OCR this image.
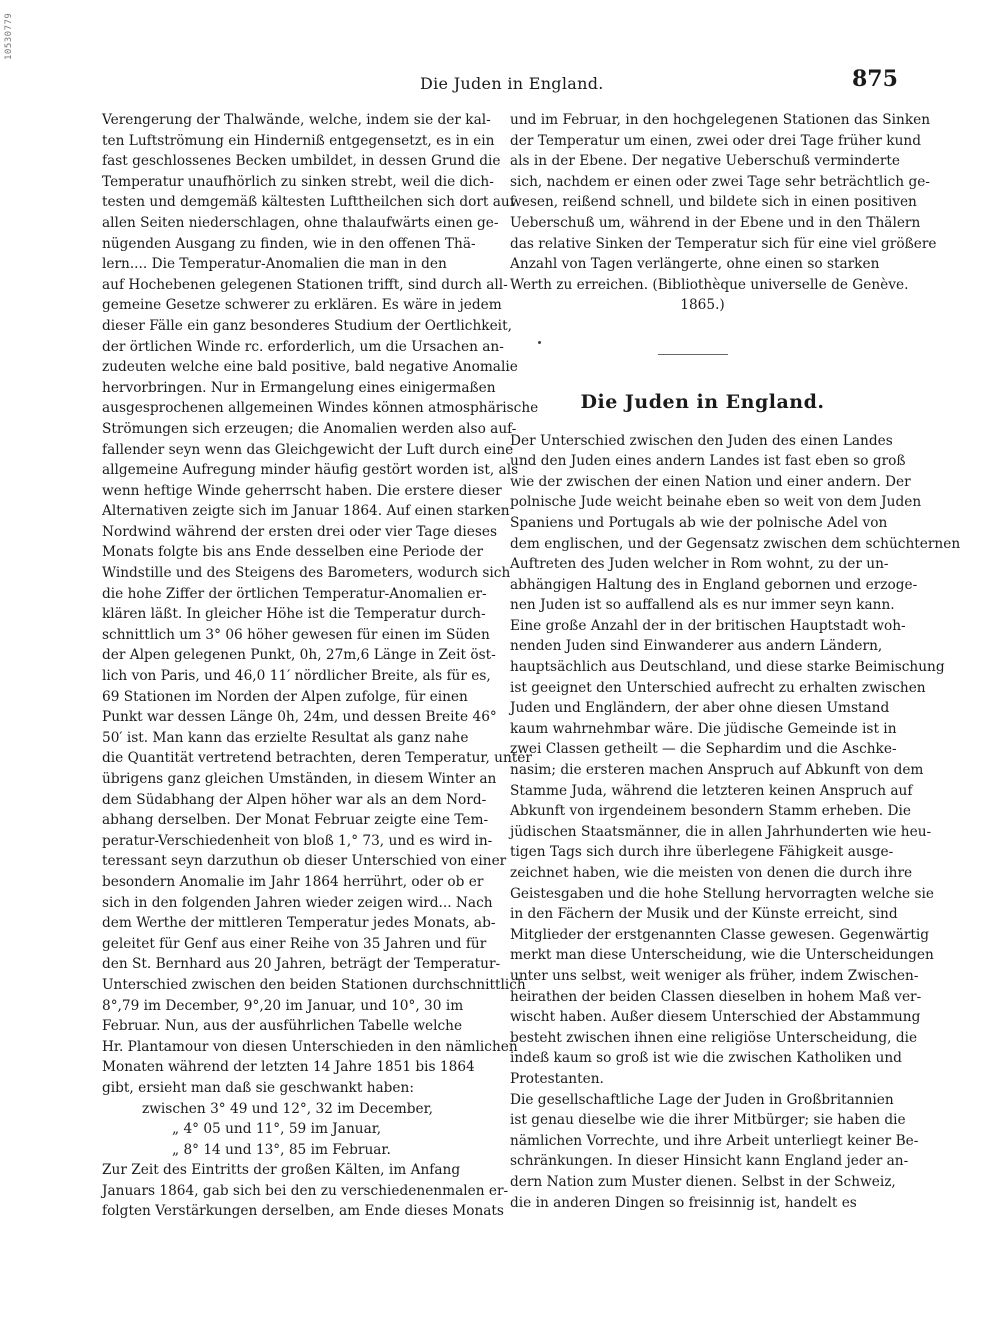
10530779
Die Juden in England.	875
Verengerung der Thalwände, welche, indem sie der kal-
ten Luftströmung ein Hinderniß entgegensetzt, es in ein
fast geschlossenes Becken umbildet, in dessen Grund die
Temperatur unaufhörlich zu sinken strebt, weil die dich-
testen und demgemäß kältesten Lufttheilchen sich dort auf
allen Seiten niederschlagen, ohne thalaufwärts einen ge-
nügenden Ausgang zu finden, wie in den offenen Thä-
lern.... Die Temperatur-Anomalien die man in den
auf Hochebenen gelegenen Stationen trifft, sind durch all-
gemeine Gesetze schwerer zu erklären. Es wäre in jedem
dieser Fälle ein ganz besonderes Studium der Oertlichkeit,
der örtlichen Winde rc. erforderlich, um die Ursachen an-
zudeuten welche eine bald positive, bald negative Anomalie
hervorbringen. Nur in Ermangelung eines einigermaßen
ausgesprochenen allgemeinen Windes können atmosphärische
Strömungen sich erzeugen; die Anomalien werden also auf-
fallender seyn wenn das Gleichgewicht der Luft durch eine
allgemeine Aufregung minder häufig gestört worden ist, als
wenn heftige Winde geherrscht haben. Die erstere dieser
Alternativen zeigte sich im Januar 1864. Auf einen starken
Nordwind während der ersten drei oder vier Tage dieses
Monats folgte bis ans Ende desselben eine Periode der
Windstille und des Steigens des Barometers, wodurch sich
die hohe Ziffer der örtlichen Temperatur-Anomalien er-
klären läßt. In gleicher Höhe ist die Temperatur durch-
schnittlich um 3° 06 höher gewesen für einen im Süden
der Alpen gelegenen Punkt, 0h, 27m,6 Länge in Zeit öst-
lich von Paris, und 46,0 11′ nördlicher Breite, als für es,
69 Stationen im Norden der Alpen zufolge, für einen
Punkt war dessen Länge 0h, 24m, und dessen Breite 46°
50′ ist. Man kann das erzielte Resultat als ganz nahe
die Quantität vertretend betrachten, deren Temperatur, unter
übrigens ganz gleichen Umständen, in diesem Winter an
dem Südabhang der Alpen höher war als an dem Nord-
abhang derselben. Der Monat Februar zeigte eine Tem-
peratur-Verschiedenheit von bloß 1,° 73, und es wird in-
teressant seyn darzuthun ob dieser Unterschied von einer
besondern Anomalie im Jahr 1864 herrührt, oder ob er
sich in den folgenden Jahren wieder zeigen wird... Nach
dem Werthe der mittleren Temperatur jedes Monats, ab-
geleitet für Genf aus einer Reihe von 35 Jahren und für
den St. Bernhard aus 20 Jahren, beträgt der Temperatur-
Unterschied zwischen den beiden Stationen durchschnittlich
8°,79 im December, 9°,20 im Januar, und 10°, 30 im
Februar. Nun, aus der ausführlichen Tabelle welche
Hr. Plantamour von diesen Unterschieden in den nämlichen
Monaten während der letzten 14 Jahre 1851 bis 1864
gibt, ersieht man daß sie geschwankt haben:
zwischen 3° 49 und 12°, 32 im December,
„ 4° 05 und 11°, 59 im Januar,
„ 8° 14 und 13°, 85 im Februar.
Zur Zeit des Eintritts der großen Kälten, im Anfang
Januars 1864, gab sich bei den zu verschiedenenmalen er-
folgten Verstärkungen derselben, am Ende dieses Monats
und im Februar, in den hochgelegenen Stationen das Sinken
der Temperatur um einen, zwei oder drei Tage früher kund
als in der Ebene. Der negative Ueberschuß verminderte
sich, nachdem er einen oder zwei Tage sehr beträchtlich ge-
wesen, reißend schnell, und bildete sich in einen positiven
Ueberschuß um, während in der Ebene und in den Thälern
das relative Sinken der Temperatur sich für eine viel größere
Anzahl von Tagen verlängerte, ohne einen so starken
Werth zu erreichen. (Bibliothèque universelle de Genève.
1865.)
Die Juden in England.
Der Unterschied zwischen den Juden des einen Landes
und den Juden eines andern Landes ist fast eben so groß
wie der zwischen der einen Nation und einer andern. Der
polnische Jude weicht beinahe eben so weit von dem Juden
Spaniens und Portugals ab wie der polnische Adel von
dem englischen, und der Gegensatz zwischen dem schüchternen
Auftreten des Juden welcher in Rom wohnt, zu der un-
abhängigen Haltung des in England gebornen und erzoge-
nen Juden ist so auffallend als es nur immer seyn kann.
Eine große Anzahl der in der britischen Hauptstadt woh-
nenden Juden sind Einwanderer aus andern Ländern,
hauptsächlich aus Deutschland, und diese starke Beimischung
ist geeignet den Unterschied aufrecht zu erhalten zwischen
Juden und Engländern, der aber ohne diesen Umstand
kaum wahrnehmbar wäre. Die jüdische Gemeinde ist in
zwei Classen getheilt — die Sephardim und die Aschke-
nasim; die ersteren machen Anspruch auf Abkunft von dem
Stamme Juda, während die letzteren keinen Anspruch auf
Abkunft von irgendeinem besondern Stamm erheben. Die
jüdischen Staatsmänner, die in allen Jahrhunderten wie heu-
tigen Tags sich durch ihre überlegene Fähigkeit ausge-
zeichnet haben, wie die meisten von denen die durch ihre
Geistesgaben und die hohe Stellung hervorragten welche sie
in den Fächern der Musik und der Künste erreicht, sind
Mitglieder der erstgenannten Classe gewesen. Gegenwärtig
merkt man diese Unterscheidung, wie die Unterscheidungen
unter uns selbst, weit weniger als früher, indem Zwischen-
heirathen der beiden Classen dieselben in hohem Maß ver-
wischt haben. Außer diesem Unterschied der Abstammung
besteht zwischen ihnen eine religiöse Unterscheidung, die
indeß kaum so groß ist wie die zwischen Katholiken und
Protestanten.
Die gesellschaftliche Lage der Juden in Großbritannien
ist genau dieselbe wie die ihrer Mitbürger; sie haben die
nämlichen Vorrechte, und ihre Arbeit unterliegt keiner Be-
schränkungen. In dieser Hinsicht kann England jeder an-
dern Nation zum Muster dienen. Selbst in der Schweiz,
die in anderen Dingen so freisinnig ist, handelt es
